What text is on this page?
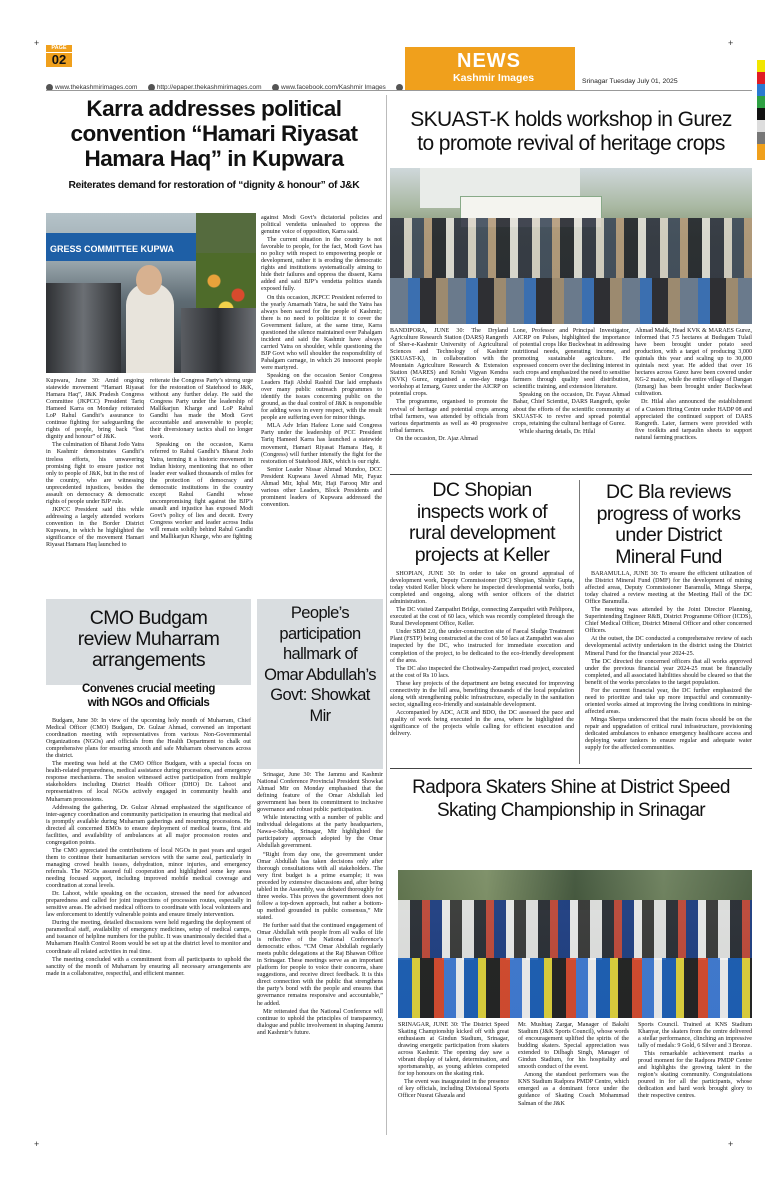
+	+
+	+
PAGE
02
www.thekashmirimages.com	http://epaper.thekashmirimages.com	www.facebook.com/Kashmir Images
NEWS
Kashmir Images	Srinagar Tuesday July 01, 2025
Karra addresses political
convention “Hamari Riyasat
Hamara Haq” in Kupwara
Reiterates demand for restoration of “dignity & honour” of J&K
GRESS COMMITTEE KUPWA

Kupwara, June 30: Amid ongoing statewide movement “Hamari Riyasat Hamara Haq”, J&K Pradesh Congress Committee (JKPCC) President Tariq Hameed Karra on Monday reiterated LoP Rahul Gandhi’s assurance to continue fighting for safeguarding the rights of people, bring back “lost dignity and honour” of J&K.

The culmination of Bharat Jodo Yatra in Kashmir demonstrates Gandhi’s tireless efforts, his unwavering promising fight to ensure justice not only to people of J&K, but in the rest of the country, who are witnessing unprecedented injustices, besides the assault on democracy & democratic rights of people under BJP rule.

JKPCC President said this while addressing a largely attended workers convention in the Border District Kupwara, in which he highlighted the significance of the movement Hamari Riyasat Hamara Haq launched to

reiterate the Congress Party’s strong urge for the restoration of Statehood to J&K, without any further delay. He said the Congress Party under the leadership of Mallikarjun Kharge and LoP Rahul Gandhi has made the Modi Govt accountable and answerable to people; their diversionary tactics shall no longer work.

Speaking on the occasion, Karra referred to Rahul Gandhi’s Bharat Jodo Yatra, terming it a historic movement in Indian history, mentioning that no other leader ever walked thousands of miles for the protection of democracy and democratic institutions in the country except Rahul Gandhi whose uncompromising fight against the BJP’s assault and injustice has exposed Modi Govt’s policy of lies and deceit. Every Congress worker and leader across India will remain solidly behind Rahul Gandhi and Mallikarjun Kharge, who are fighting

against Modi Govt’s dictatorial policies and political vendetta unleashed to oppress the genuine voice of opposition, Karra said.

The current situation in the country is not favorable to people, for the fact, Modi Govt has no policy with respect to empowering people or development, rather it is eroding the democratic rights and institutions systematically aiming to hide their failures and oppress the dissent, Karra added and said BJP’s vendetta politics stands exposed fully.

On this occasion, JKPCC President referred to the yearly Amarnath Yatra, he said the Yatra has always been sacred for the people of Kashmir; there is no need to politicize it to cover the Government failure, at the same time, Karra questioned the silence maintained over Pahalgam incident and said the Kashmir have always carried Yatra on shoulder, while questioning the BJP Govt who will shoulder the responsibility of Pahalgam carnage, in which 26 innocent people were martyred.

Speaking on the occasion Senior Congress Leaders Haji Abdul Rashid Dar laid emphasis over many public outreach programmes to identify the issues concerning public on the ground, as the dual control of J&K is responsible for adding woes in every respect, with the result people are suffering even for minor things.

MLA Adv Irfan Hafeez Lone said Congress Party under the leadership of PCC President Tariq Hameed Karra has launched a statewide movement, Hamari Riyasat Hamara Haq, it (Congress) will further intensify the fight for the restoration of Statehood J&K, which is our right.

Senior Leader Nissar Ahmad Mundoo, DCC President Kupwara Javed Ahmad Mir, Fayaz Ahmad Mir, Iqbal Mir, Haji Farooq Mir and various other Leaders, Block Presidents and prominent leaders of Kupwara addressed the convention.

SKUAST-K holds workshop in Gurez
to promote revival of heritage crops

BANDIPORA, JUNE 30: The Dryland Agriculture Research Station (DARS) Rangreth of Sher-e-Kashmir University of Agricultural Sciences and Technology of Kashmir (SKUAST-K), in collaboration with the Mountain Agriculture Research & Extension Station (MARES) and Krishi Vigyan Kendra (KVK) Gurez, organised a one-day mega workshop at Izmarg, Gurez under the AICRP on potential crops.

The programme, organised to promote the revival of heritage and potential crops among tribal farmers, was attended by officials from various departments as well as 40 progressive tribal farmers.

On the occasion, Dr. Ajaz Ahmad

Lone, Professor and Principal Investigator, AICRP on Pulses, highlighted the importance of potential crops like Buckwheat in addressing nutritional needs, generating income, and promoting sustainable agriculture. He expressed concern over the declining interest in such crops and emphasized the need to sensitise farmers through quality seed distribution, scientific training, and extension literature.

Speaking on the occasion, Dr. Fayaz Ahmad Bahar, Chief Scientist, DARS Rangreth, spoke about the efforts of the scientific community at SKUAST-K to revive and spread potential crops, retaining the cultural heritage of Gurez.

While sharing details, Dr. Hilal

Ahmad Malik, Head KVK & MARAES Gurez, informed that 7.5 hectares at Budugam Tulail have been brought under potato seed production, with a target of producing 3,000 quintals this year and scaling up to 30,000 quintals next year. He added that over 16 hectares across Gurez have been covered under KG-2 maize, while the entire village of Dangan (Izmarg) has been brought under Buckwheat cultivation.

Dr. Hilal also announced the establishment of a Custom Hiring Centre under HADP 08 and appreciated the continued support of DARS Rangreth. Later, farmers were provided with five toolkits and tarpaulin sheets to support natural farming practices.

DC Shopian
inspects work of
rural development
projects at Keller

SHOPIAN, JUNE 30: In order to take on ground appraisal of development work, Deputy Commissioner (DC) Shopian, Shishir Gupta, today visited Keller block where he inspected developmental works, both completed and ongoing, along with senior officers of the district administration.

The DC visited Zampathri Bridge, connecting Zampathri with Pehlipora, executed at the cost of 60 lacs, which was recently completed through the Rural Development Office, Keller.

Under SBM 2.0, the under-construction site of Faecal Sludge Treatment Plant (FSTP) being constructed at the cost of 50 lacs at Zampathri was also inspected by the DC, who instructed for immediate execution and completion of the project, to be dedicated to the eco-friendly development of the area.

The DC also inspected the Chotiwaley-Zampathri road project, executed at the cost of Rs 10 lacs.

These key projects of the department are being executed for improving connectivity in the hill area, benefiting thousands of the local population along with strengthening public infrastructure, especially in the sanitation sector, signalling eco-friendly and sustainable development.

Accompanied by ADC, ACR and BDO, the DC assessed the pace and quality of work being executed in the area, where he highlighted the significance of the projects while calling for efficient execution and delivery.

DC Bla reviews
progress of works
under District
Mineral Fund

BARAMULLA, JUNE 30: To ensure the efficient utilization of the District Mineral Fund (DMF) for the development of mining affected areas, Deputy Commissioner Baramulla, Minga Sherpa, today chaired a review meeting at the Meeting Hall of the DC Office Baramulla.

The meeting was attended by the Joint Director Planning, Superintending Engineer R&B, District Programme Officer (ICDS), Chief Medical Officer, District Mineral Officer and other concerned Officers.

At the outset, the DC conducted a comprehensive review of each developmental activity undertaken in the district using the District Mineral Fund for the financial year 2024-25.

The DC directed the concerned officers that all works approved under the previous financial year 2024-25 must be financially completed, and all associated liabilities should be cleared so that the benefit of the works percolates to the target population.

For the current financial year, the DC further emphasized the need to prioritize and take up more impactful and community-oriented works aimed at improving the living conditions in mining-affected areas.

Minga Sherpa underscored that the main focus should be on the repair and upgradation of critical rural infrastructure, provisioning dedicated ambulances to enhance emergency healthcare access and deploying water tankers to ensure regular and adequate water supply for the affected communities.

CMO Budgam
review Muharram
arrangements
Convenes crucial meeting
with NGOs and Officials

Budgam, June 30: In view of the upcoming holy month of Muharram, Chief Medical Officer (CMO) Budgam, Dr. Gulzar Ahmad, convened an important coordination meeting with representatives from various Non-Governmental Organizations (NGOs) and officials from the Health Department to chalk out comprehensive plans for ensuring smooth and safe Muharram observances across the district.

The meeting was held at the CMO Office Budgam, with a special focus on health-related preparedness, medical assistance during processions, and emergency response mechanisms. The session witnessed active participation from multiple stakeholders including District Health Officer (DHO) Dr. Lahoot and representatives of local NGOs actively engaged in community health and Muharram processions.

Addressing the gathering, Dr. Gulzar Ahmad emphasized the significance of inter-agency coordination and community participation in ensuring that medical aid is promptly available during Muharram gatherings and mourning processions. He directed all concerned BMOs to ensure deployment of medical teams, first aid facilities, and availability of ambulances at all major procession routes and congregation points.

The CMO appreciated the contributions of local NGOs in past years and urged them to continue their humanitarian services with the same zeal, particularly in managing crowd health issues, dehydration, minor injuries, and emergency referrals. The NGOs assured full cooperation and highlighted some key areas needing focused support, including improved mobile medical coverage and coordination at zonal levels.

Dr. Lahoot, while speaking on the occasion, stressed the need for advanced preparedness and called for joint inspections of procession routes, especially in sensitive areas. He advised medical officers to coordinate with local volunteers and law enforcement to identify vulnerable points and ensure timely intervention.

During the meeting, detailed discussions were held regarding the deployment of paramedical staff, availability of emergency medicines, setup of medical camps, and issuance of helpline numbers for the public. It was unanimously decided that a Muharram Health Control Room would be set up at the district level to monitor and coordinate all related activities in real time.

The meeting concluded with a commitment from all participants to uphold the sanctity of the month of Muharram by ensuring all necessary arrangements are made in a collaborative, respectful, and efficient manner.

People’s
participation
hallmark of
Omar Abdullah’s
Govt: Showkat
Mir

Srinagar, June 30: The Jammu and Kashmir National Conference Provincial President Showkat Ahmad Mir on Monday emphasised that the defining feature of the Omar Abdullah led government has been its commitment to inclusive governance and robust public participation.

While interacting with a number of public and individual delegations at the party headquarters, Nawa-e-Subha, Srinagar, Mir highlighted the participatory approach adopted by the Omar Abdullah government.

“Right from day one, the government under Omar Abdullah has taken decisions only after thorough consultations with all stakeholders. The very first budget is a prime example; it was preceded by extensive discussions and, after being tabled in the Assembly, was debated thoroughly for three weeks. This proves the government does not follow a top-down approach, but rather a bottom-up method grounded in public consensus,” Mir stated.

He further said that the continued engagement of Omar Abdullah with people from all walks of life is reflective of the National Conference’s democratic ethos. “CM Omar Abdullah regularly meets public delegations at the Raj Bhawan Office in Srinagar. These meetings serve as an important platform for people to voice their concerns, share suggestions, and receive direct feedback. It is this direct connection with the public that strengthens the party’s bond with the people and ensures that governance remains responsive and accountable,” he added.

Mir reiterated that the National Conference will continue to uphold the principles of transparency, dialogue and public involvement in shaping Jammu and Kashmir’s future.

Radpora Skaters Shine at District Speed
Skating Championship in Srinagar

SRINAGAR, JUNE 30: The District Speed Skating Championship kicked off with great enthusiasm at Gindun Stadium, Srinagar, drawing energetic participation from skaters across Kashmir. The opening day saw a vibrant display of talent, determination, and sportsmanship, as young athletes competed for top honours on the skating rink.

The event was inaugurated in the presence of key officials, including Divisional Sports Officer Nusrat Ghazala and

Mr. Mushtaq Zargar, Manager of Bakshi Stadium (J&K Sports Council), whose words of encouragement uplifted the spirits of the budding skaters. Special appreciation was extended to Dilbagh Singh, Manager of Gindun Stadium, for his hospitality and smooth conduct of the event.

Among the standout performers was the KNS Stadium Radpora PMDP Centre, which emerged as a dominant force under the guidance of Skating Coach Mohammad Salman of the J&K

Sports Council. Trained at KNS Stadium Khanyar, the skaters from the centre delivered a stellar performance, clinching an impressive tally of medals: 9 Gold, 6 Silver and 3 Bronze.

This remarkable achievement marks a proud moment for the Radpora PMDP Centre and highlights the growing talent in the region’s skating community. Congratulations poured in for all the participants, whose dedication and hard work brought glory to their respective centres.
